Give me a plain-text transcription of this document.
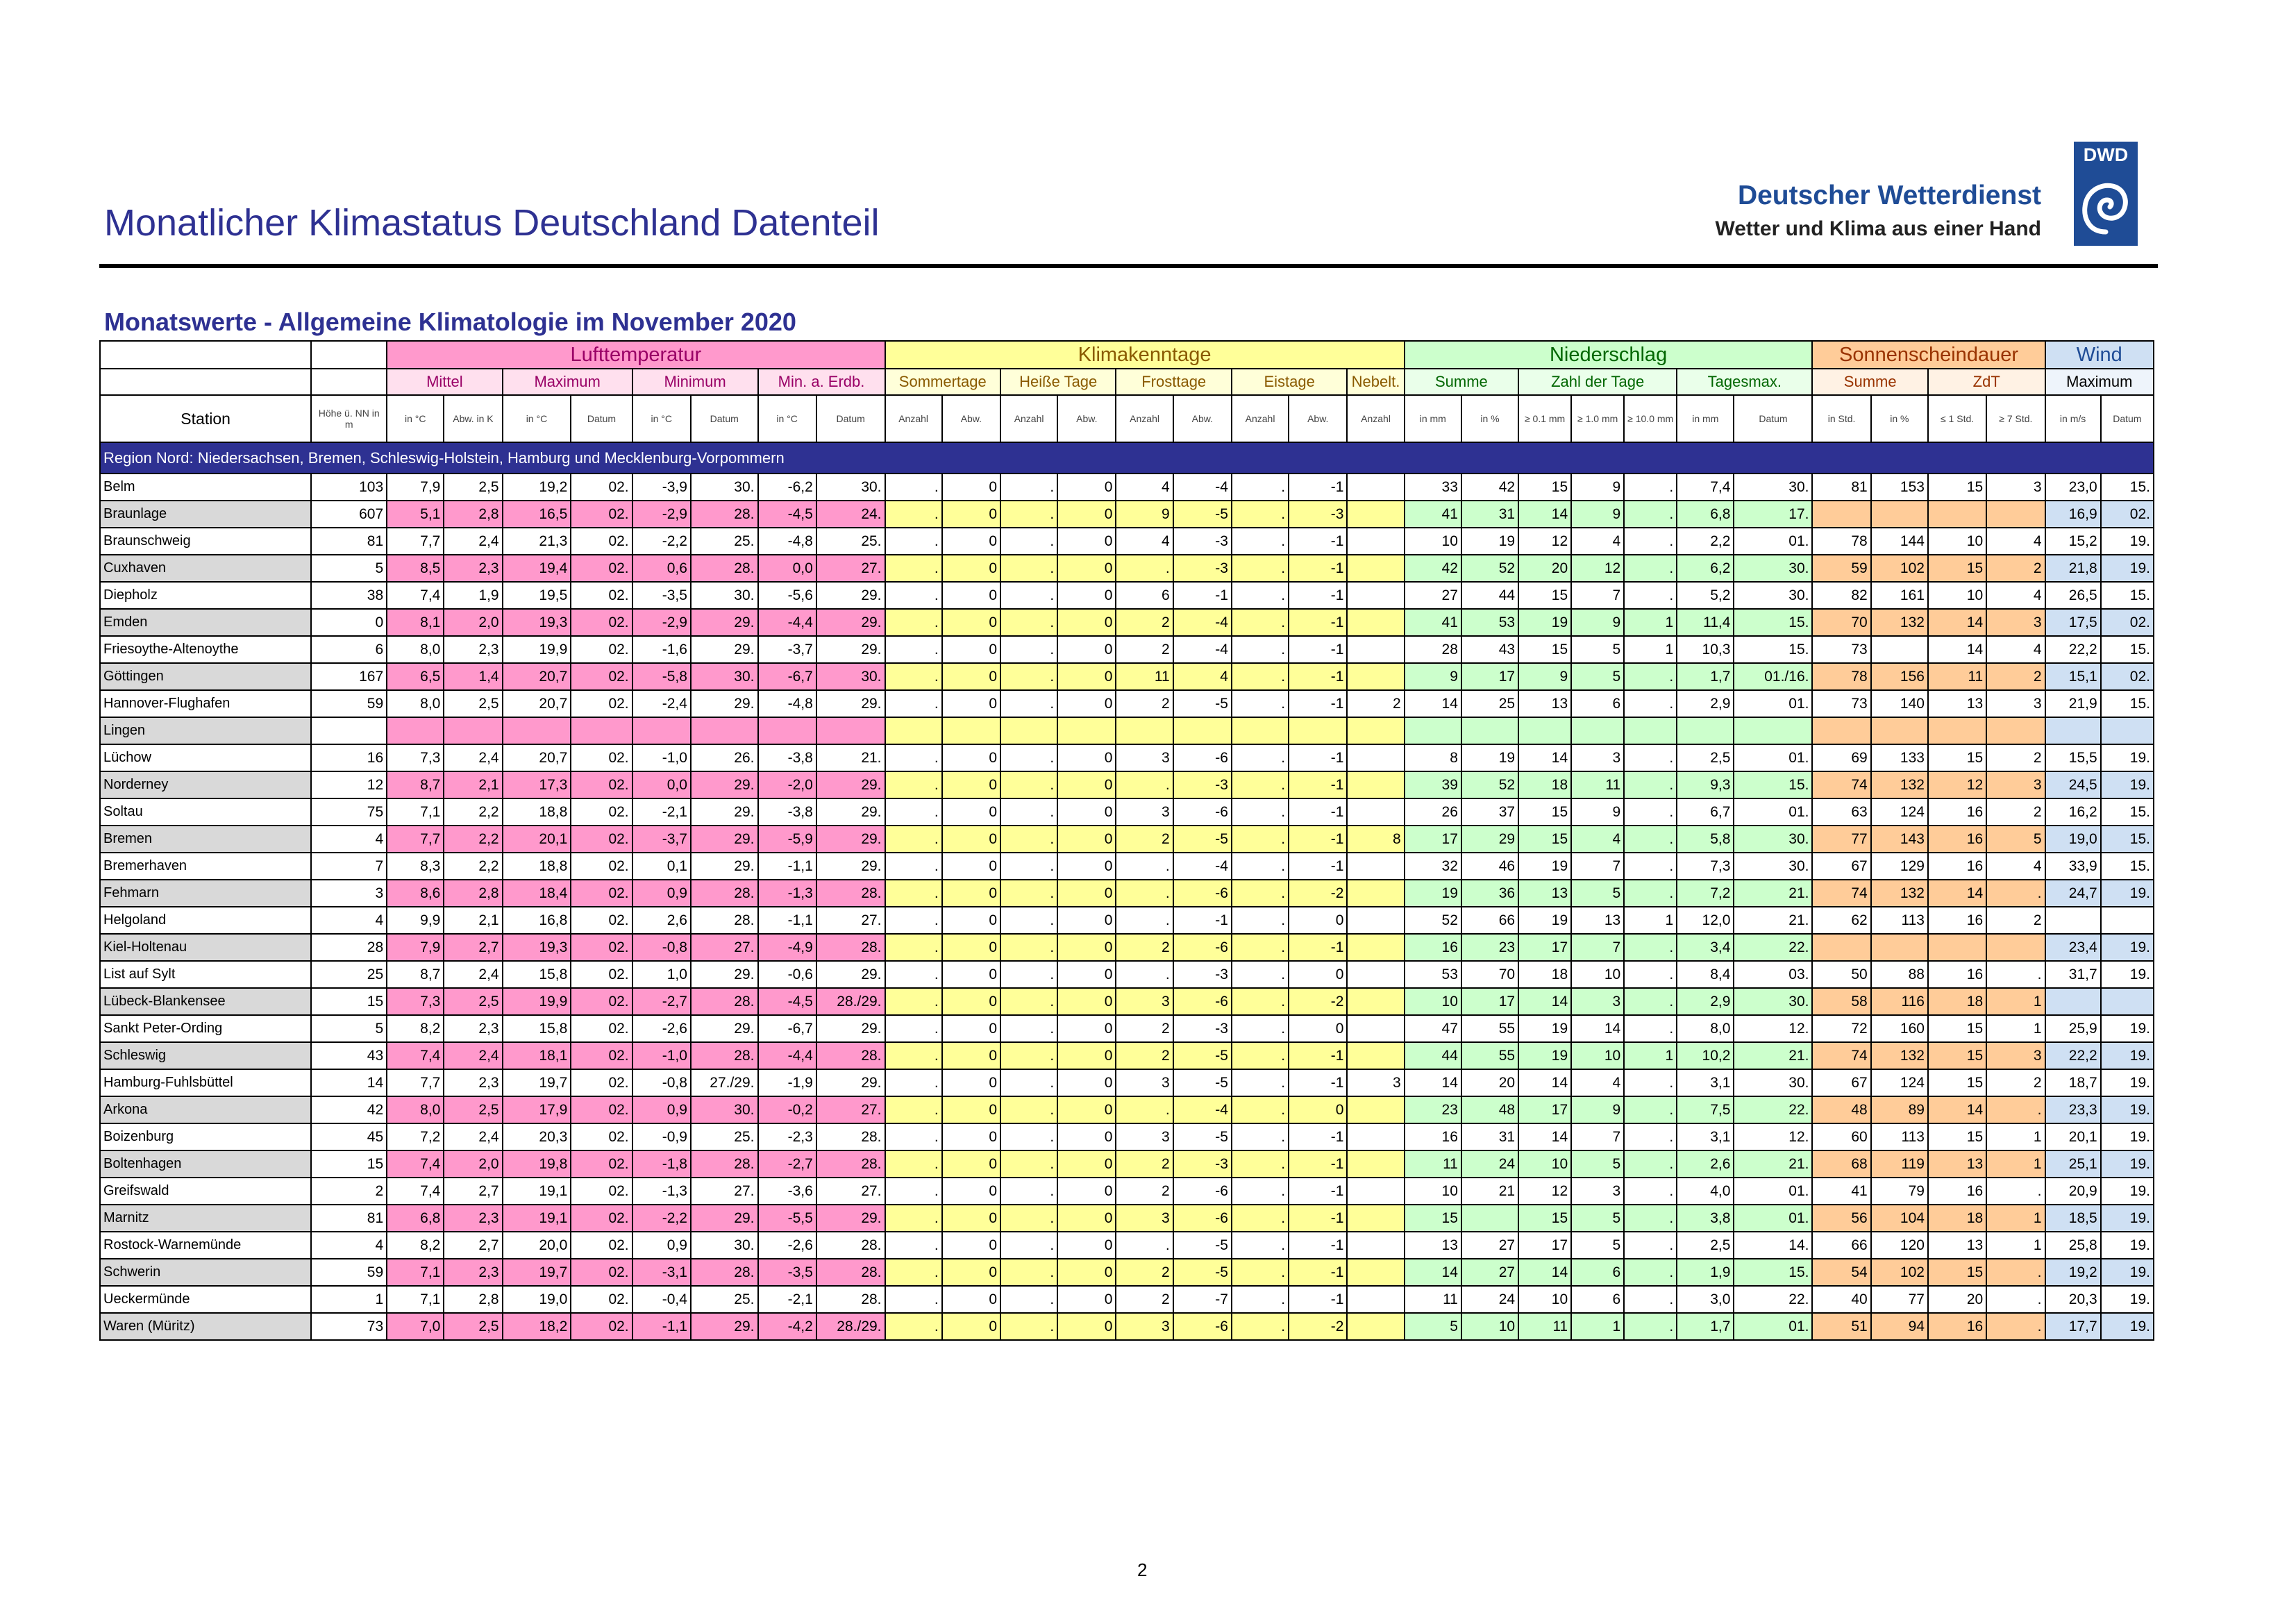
Monatlicher Klimastatus Deutschland Datenteil
Deutscher Wetterdienst
Wetter und Klima aus einer Hand
DWD
Monatswerte - Allgemeine Klimatologie im November 2020
		Lufttemperatur								Klimakenntage									Niederschlag							Sonnenscheindauer				Wind	
		Mittel		Maximum		Minimum		Min. a. Erdb.		Sommertage		Heiße Tage		Frosttage		Eistage		Nebelt.	Summe		Zahl der Tage			Tagesmax.		Summe		ZdT		Maximum	
Station	Höhe ü. NN in m	in °C	Abw. in K	in °C	Datum	in °C	Datum	in °C	Datum	Anzahl	Abw.	Anzahl	Abw.	Anzahl	Abw.	Anzahl	Abw.	Anzahl	in mm	in %	≥ 0.1 mm	≥ 1.0 mm	≥ 10.0 mm	in mm	Datum	in Std.	in %	≤ 1 Std.	≥ 7 Std.	in m/s	Datum
Region Nord: Niedersachsen, Bremen, Schleswig-Holstein, Hamburg und Mecklenburg-Vorpommern																															
Belm	103	7,9	2,5	19,2	02.	-3,9	30.	-6,2	30.	.	0	.	0	4	-4	.	-1		33	42	15	9	.	7,4	30.	81	153	15	3	23,0	15.
Braunlage	607	5,1	2,8	16,5	02.	-2,9	28.	-4,5	24.	.	0	.	0	9	-5	.	-3		41	31	14	9	.	6,8	17.					16,9	02.
Braunschweig	81	7,7	2,4	21,3	02.	-2,2	25.	-4,8	25.	.	0	.	0	4	-3	.	-1		10	19	12	4	.	2,2	01.	78	144	10	4	15,2	19.
Cuxhaven	5	8,5	2,3	19,4	02.	0,6	28.	0,0	27.	.	0	.	0	.	-3	.	-1		42	52	20	12	.	6,2	30.	59	102	15	2	21,8	19.
Diepholz	38	7,4	1,9	19,5	02.	-3,5	30.	-5,6	29.	.	0	.	0	6	-1	.	-1		27	44	15	7	.	5,2	30.	82	161	10	4	26,5	15.
Emden	0	8,1	2,0	19,3	02.	-2,9	29.	-4,4	29.	.	0	.	0	2	-4	.	-1		41	53	19	9	1	11,4	15.	70	132	14	3	17,5	02.
Friesoythe-Altenoythe	6	8,0	2,3	19,9	02.	-1,6	29.	-3,7	29.	.	0	.	0	2	-4	.	-1		28	43	15	5	1	10,3	15.	73		14	4	22,2	15.
Göttingen	167	6,5	1,4	20,7	02.	-5,8	30.	-6,7	30.	.	0	.	0	11	4	.	-1		9	17	9	5	.	1,7	01./16.	78	156	11	2	15,1	02.
Hannover-Flughafen	59	8,0	2,5	20,7	02.	-2,4	29.	-4,8	29.	.	0	.	0	2	-5	.	-1	2	14	25	13	6	.	2,9	01.	73	140	13	3	21,9	15.
Lingen																															
Lüchow	16	7,3	2,4	20,7	02.	-1,0	26.	-3,8	21.	.	0	.	0	3	-6	.	-1		8	19	14	3	.	2,5	01.	69	133	15	2	15,5	19.
Norderney	12	8,7	2,1	17,3	02.	0,0	29.	-2,0	29.	.	0	.	0	.	-3	.	-1		39	52	18	11	.	9,3	15.	74	132	12	3	24,5	19.
Soltau	75	7,1	2,2	18,8	02.	-2,1	29.	-3,8	29.	.	0	.	0	3	-6	.	-1		26	37	15	9	.	6,7	01.	63	124	16	2	16,2	15.
Bremen	4	7,7	2,2	20,1	02.	-3,7	29.	-5,9	29.	.	0	.	0	2	-5	.	-1	8	17	29	15	4	.	5,8	30.	77	143	16	5	19,0	15.
Bremerhaven	7	8,3	2,2	18,8	02.	0,1	29.	-1,1	29.	.	0	.	0	.	-4	.	-1		32	46	19	7	.	7,3	30.	67	129	16	4	33,9	15.
Fehmarn	3	8,6	2,8	18,4	02.	0,9	28.	-1,3	28.	.	0	.	0	.	-6	.	-2		19	36	13	5	.	7,2	21.	74	132	14	.	24,7	19.
Helgoland	4	9,9	2,1	16,8	02.	2,6	28.	-1,1	27.	.	0	.	0	.	-1	.	0		52	66	19	13	1	12,0	21.	62	113	16	2		
Kiel-Holtenau	28	7,9	2,7	19,3	02.	-0,8	27.	-4,9	28.	.	0	.	0	2	-6	.	-1		16	23	17	7	.	3,4	22.					23,4	19.
List auf Sylt	25	8,7	2,4	15,8	02.	1,0	29.	-0,6	29.	.	0	.	0	.	-3	.	0		53	70	18	10	.	8,4	03.	50	88	16	.	31,7	19.
Lübeck-Blankensee	15	7,3	2,5	19,9	02.	-2,7	28.	-4,5	28./29.	.	0	.	0	3	-6	.	-2		10	17	14	3	.	2,9	30.	58	116	18	1		
Sankt Peter-Ording	5	8,2	2,3	15,8	02.	-2,6	29.	-6,7	29.	.	0	.	0	2	-3	.	0		47	55	19	14	.	8,0	12.	72	160	15	1	25,9	19.
Schleswig	43	7,4	2,4	18,1	02.	-1,0	28.	-4,4	28.	.	0	.	0	2	-5	.	-1		44	55	19	10	1	10,2	21.	74	132	15	3	22,2	19.
Hamburg-Fuhlsbüttel	14	7,7	2,3	19,7	02.	-0,8	27./29.	-1,9	29.	.	0	.	0	3	-5	.	-1	3	14	20	14	4	.	3,1	30.	67	124	15	2	18,7	19.
Arkona	42	8,0	2,5	17,9	02.	0,9	30.	-0,2	27.	.	0	.	0	.	-4	.	0		23	48	17	9	.	7,5	22.	48	89	14	.	23,3	19.
Boizenburg	45	7,2	2,4	20,3	02.	-0,9	25.	-2,3	28.	.	0	.	0	3	-5	.	-1		16	31	14	7	.	3,1	12.	60	113	15	1	20,1	19.
Boltenhagen	15	7,4	2,0	19,8	02.	-1,8	28.	-2,7	28.	.	0	.	0	2	-3	.	-1		11	24	10	5	.	2,6	21.	68	119	13	1	25,1	19.
Greifswald	2	7,4	2,7	19,1	02.	-1,3	27.	-3,6	27.	.	0	.	0	2	-6	.	-1		10	21	12	3	.	4,0	01.	41	79	16	.	20,9	19.
Marnitz	81	6,8	2,3	19,1	02.	-2,2	29.	-5,5	29.	.	0	.	0	3	-6	.	-1		15		15	5	.	3,8	01.	56	104	18	1	18,5	19.
Rostock-Warnemünde	4	8,2	2,7	20,0	02.	0,9	30.	-2,6	28.	.	0	.	0	.	-5	.	-1		13	27	17	5	.	2,5	14.	66	120	13	1	25,8	19.
Schwerin	59	7,1	2,3	19,7	02.	-3,1	28.	-3,5	28.	.	0	.	0	2	-5	.	-1		14	27	14	6	.	1,9	15.	54	102	15	.	19,2	19.
Ueckermünde	1	7,1	2,8	19,0	02.	-0,4	25.	-2,1	28.	.	0	.	0	2	-7	.	-1		11	24	10	6	.	3,0	22.	40	77	20	.	20,3	19.
Waren (Müritz)	73	7,0	2,5	18,2	02.	-1,1	29.	-4,2	28./29.	.	0	.	0	3	-6	.	-2		5	10	11	1	.	1,7	01.	51	94	16	.	17,7	19.
2
